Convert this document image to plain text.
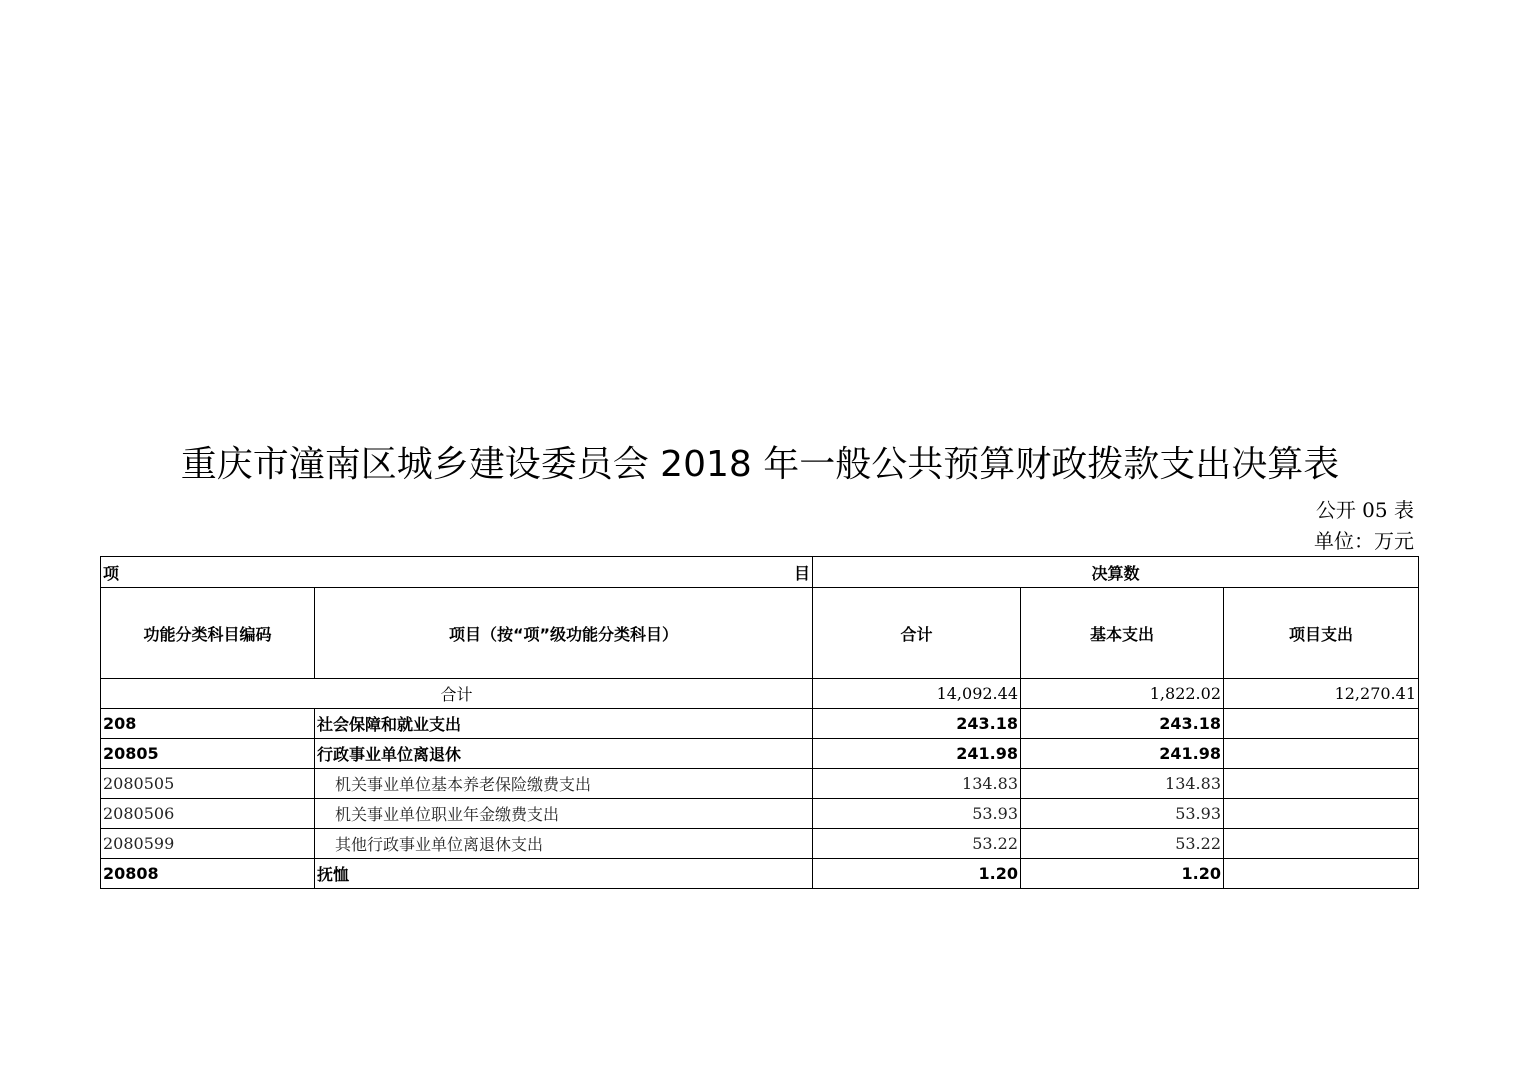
重庆市潼南区城乡建设委员会 2018 年一般公共预算财政拨款支出决算表
公开 05 表
单位：万元
项 目		决算数		
功能分类科目编码	项目（按“项”级功能分类科目）	合计	基本支出	项目支出
合计		14,092.44	1,822.02	12,270.41
208	社会保障和就业支出	243.18	243.18	
20805	行政事业单位离退休	241.98	241.98	
2080505	机关事业单位基本养老保险缴费支出	134.83	134.83	
2080506	机关事业单位职业年金缴费支出	53.93	53.93	
2080599	其他行政事业单位离退休支出	53.22	53.22	
20808	抚恤	1.20	1.20	
